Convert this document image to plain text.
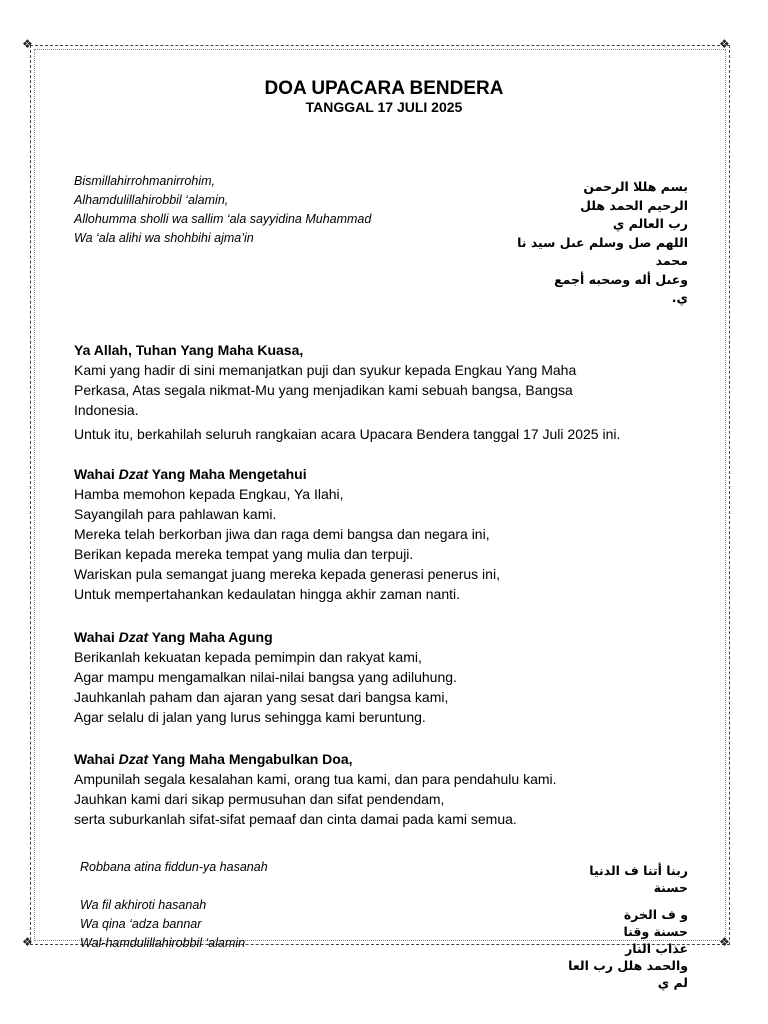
❖	❖
❖	❖
DOA UPACARA BENDERA
TANGGAL 17 JULI 2025
Bismillahirrohmanirrohim,
Alhamdulillahirobbil ‘alamin,
Allohumma sholli wa sallim ‘ala sayyidina Muhammad
Wa ‘ala alihi wa shohbihi ajma’in
بسم هللا الرحمن
الرحيم الحمد هلل
رب العالم ي
اللهم صل وسلم عىل سيد نا
محمد
وعىل أله وصحبه أجمع
ي.
Ya Allah, Tuhan Yang Maha Kuasa,
Kami yang hadir di sini memanjatkan puji dan syukur kepada Engkau Yang Maha
Perkasa, Atas segala nikmat-Mu yang menjadikan kami sebuah bangsa, Bangsa
Indonesia.
Untuk itu, berkahilah seluruh rangkaian acara Upacara Bendera tanggal 17 Juli 2025 ini.
Wahai Dzat Yang Maha Mengetahui
Hamba memohon kepada Engkau, Ya Ilahi,
Sayangilah para pahlawan kami.
Mereka telah berkorban jiwa dan raga demi bangsa dan negara ini,
Berikan kepada mereka tempat yang mulia dan terpuji.
Wariskan pula semangat juang mereka kepada generasi penerus ini,
Untuk mempertahankan kedaulatan hingga akhir zaman nanti.
Wahai Dzat Yang Maha Agung
Berikanlah kekuatan kepada pemimpin dan rakyat kami,
Agar mampu mengamalkan nilai-nilai bangsa yang adiluhung.
Jauhkanlah paham dan ajaran yang sesat dari bangsa kami,
Agar selalu di jalan yang lurus sehingga kami beruntung.
Wahai Dzat Yang Maha Mengabulkan Doa,
Ampunilah segala kesalahan kami, orang tua kami, dan para pendahulu kami.
Jauhkan kami dari sikap permusuhan dan sifat pendendam,
serta suburkanlah sifat-sifat pemaaf dan cinta damai pada kami semua.
Robbana atina fiddun-ya hasanah
Wa fil akhiroti hasanah
Wa qina ‘adza bannar
Wal-hamdulillahirobbil ‘alamin
ربنا أتنا ف الدنيا
حسنة
و ف الخرة
حسنة وقنا
عذاب النار
والحمد هلل رب العا
لم ي
